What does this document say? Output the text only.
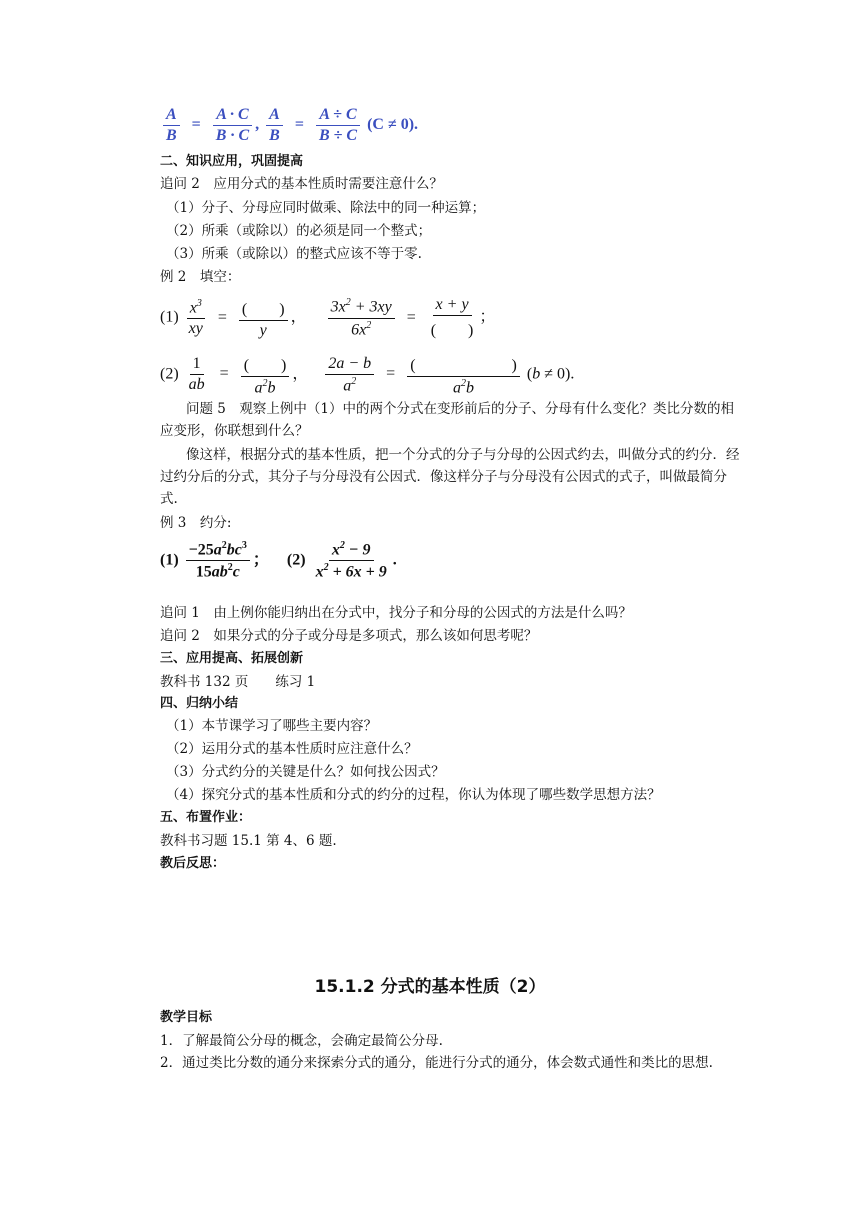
$\frac{A}{B} = \frac{A \cdot C}{B \cdot C}$ , $\frac{A}{B} = \frac{A \div C}{B \div C} (C \ne 0)$.
二、知识应用，巩固提高
追问 2　应用分式的基本性质时需要注意什么？
（1）分子、分母应同时做乘、除法中的同一种运算；
（2）所乘（或除以）的必须是同一个整式；
（3）所乘（或除以）的整式应该不等于零.
例 2　填空：
$(1) \frac{x^3}{xy} = \frac{( )}{y}$ ， $\frac{3x^2 + 3xy}{6x^2} = \frac{x + y}{( )}$ ；
$(2) \frac{1}{ab} = \frac{( )}{a^2b}$ ， $\frac{2a - b}{a^2} = \frac{( )}{a^2b} (b \ne 0)$.
问题 5　观察上例中（1）中的两个分式在变形前后的分子、分母有什么变化？类比分数的相应变形，你联想到什么？
像这样，根据分式的基本性质，把一个分式的分子与分母的公因式约去，叫做分式的约分．经过约分后的分式，其分子与分母没有公因式．像这样分子与分母没有公因式的式子，叫做最简分式.
例 3　约分:
$(1) \frac{-25a^2bc^3}{15ab^2c}$ ； $(2) \frac{x^2 - 9}{x^2 + 6x + 9}$ .
追问 1　由上例你能归纳出在分式中，找分子和分母的公因式的方法是什么吗？
追问 2　如果分式的分子或分母是多项式，那么该如何思考呢？
三、应用提高、拓展创新
教科书 132 页　　练习 1
四、归纳小结
（1）本节课学习了哪些主要内容？
（2）运用分式的基本性质时应注意什么？
（3）分式约分的关键是什么？如何找公因式？
（4）探究分式的基本性质和分式的约分的过程，你认为体现了哪些数学思想方法？
五、布置作业：
教科书习题 15.1 第 4、6 题.
教后反思：
15.1.2 分式的基本性质（2）
教学目标
1．了解最简公分母的概念，会确定最简公分母.
2．通过类比分数的通分来探索分式的通分，能进行分式的通分，体会数式通性和类比的思想.
